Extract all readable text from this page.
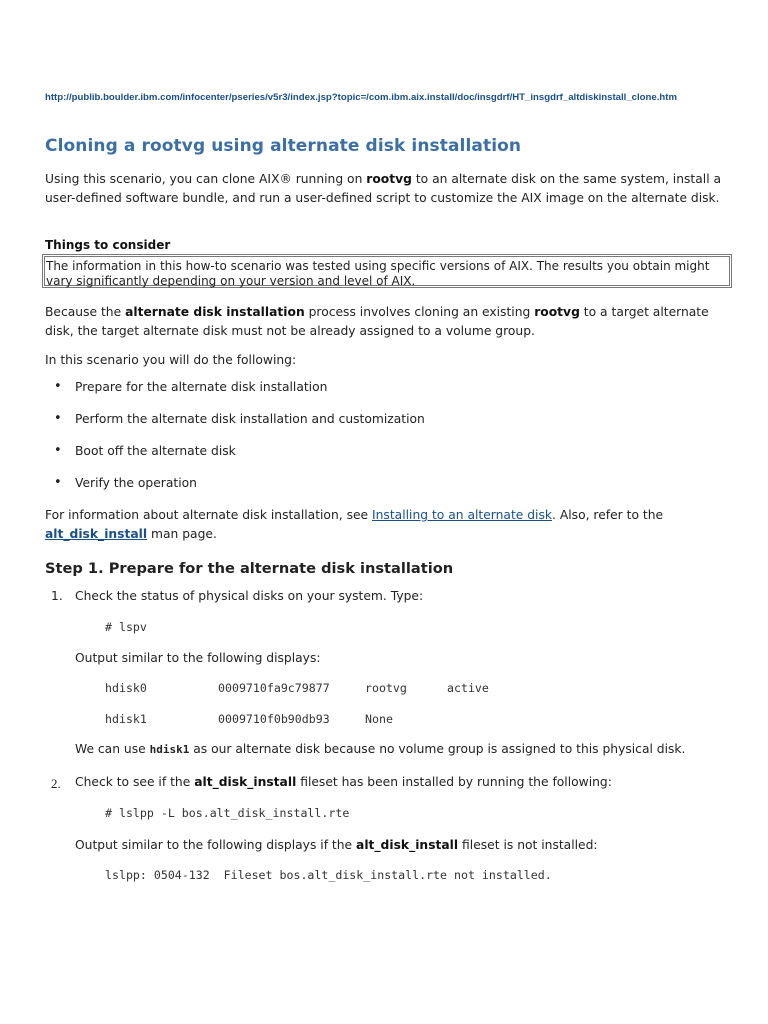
http://publib.boulder.ibm.com/infocenter/pseries/v5r3/index.jsp?topic=/com.ibm.aix.install/doc/insgdrf/HT_insgdrf_altdiskinstall_clone.htm
Cloning a rootvg using alternate disk installation

Using this scenario, you can clone AIX® running on rootvg to an alternate disk on the same system, install a user-defined software bundle, and run a user-defined script to customize the AIX image on the alternate disk.

Things to consider
The information in this how-to scenario was tested using specific versions of AIX. The results you obtain might vary significantly depending on your version and level of AIX.

Because the alternate disk installation process involves cloning an existing rootvg to a target alternate disk, the target alternate disk must not be already assigned to a volume group.

In this scenario you will do the following:

• Prepare for the alternate disk installation
• Perform the alternate disk installation and customization
• Boot off the alternate disk
• Verify the operation

For information about alternate disk installation, see Installing to an alternate disk. Also, refer to the
alt_disk_install man page.

Step 1. Prepare for the alternate disk installation
1. Check the status of physical disks on your system. Type:
# lspv
Output similar to the following displays:
hdisk0	0009710fa9c79877	rootvg	active
hdisk1	0009710f0b90db93	None
We can use hdisk1 as our alternate disk because no volume group is assigned to this physical disk.
2. Check to see if the alt_disk_install fileset has been installed by running the following:
# lslpp -L bos.alt_disk_install.rte
Output similar to the following displays if the alt_disk_install fileset is not installed:
lslpp: 0504-132  Fileset bos.alt_disk_install.rte not installed.
